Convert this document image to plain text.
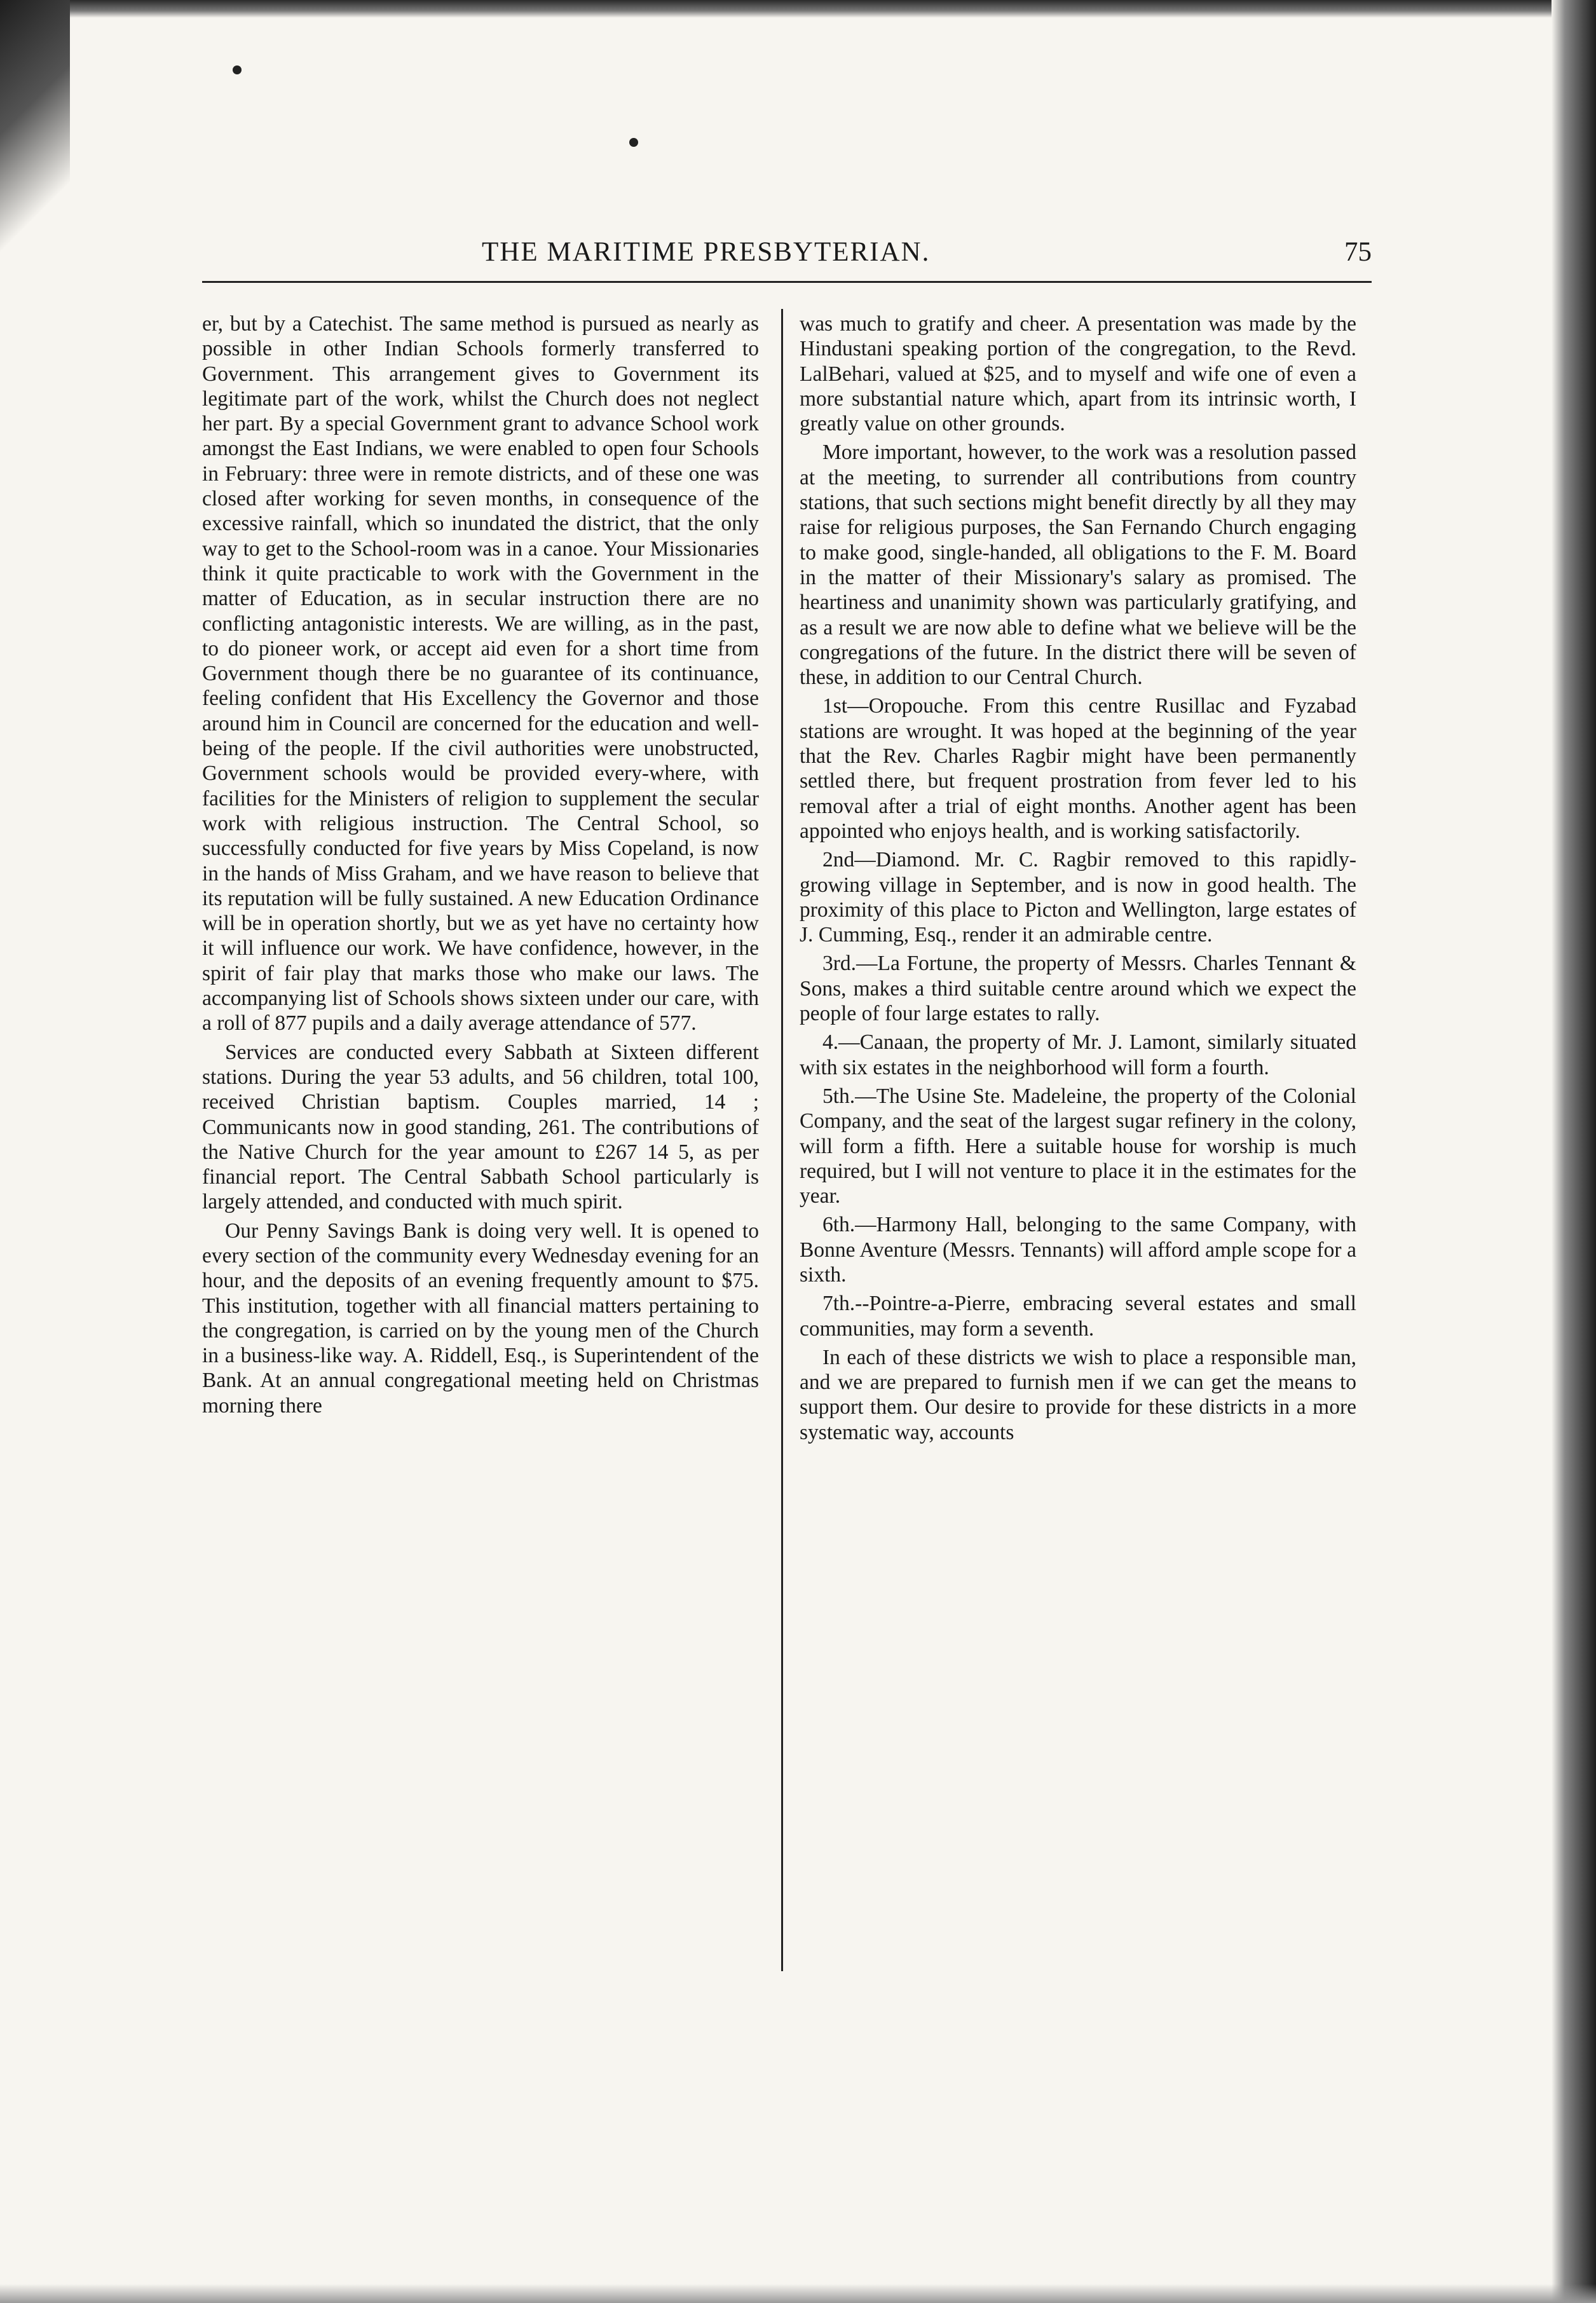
THE MARITIME PRESBYTERIAN.	75

er, but by a Catechist. The same method is pursued as nearly as possible in other Indian Schools formerly transferred to Government. This arrangement gives to Government its legitimate part of the work, whilst the Church does not neglect her part. By a special Government grant to advance School work amongst the East Indians, we were enabled to open four Schools in February: three were in remote districts, and of these one was closed after working for seven months, in consequence of the excessive rainfall, which so inundated the district, that the only way to get to the School-room was in a canoe. Your Missionaries think it quite practicable to work with the Government in the matter of Education, as in secular instruction there are no conflicting antagonistic interests. We are willing, as in the past, to do pioneer work, or accept aid even for a short time from Government though there be no guarantee of its continuance, feeling confident that His Excellency the Governor and those around him in Council are concerned for the education and well-being of the people. If the civil authorities were unobstructed, Government schools would be provided every-where, with facilities for the Ministers of religion to supplement the secular work with religious instruction. The Central School, so successfully conducted for five years by Miss Copeland, is now in the hands of Miss Graham, and we have reason to believe that its reputation will be fully sustained. A new Education Ordinance will be in operation shortly, but we as yet have no certainty how it will influence our work. We have confidence, however, in the spirit of fair play that marks those who make our laws. The accompanying list of Schools shows sixteen under our care, with a roll of 877 pupils and a daily average attendance of 577.

Services are conducted every Sabbath at Sixteen different stations. During the year 53 adults, and 56 children, total 100, received Christian baptism. Couples married, 14 ; Communicants now in good standing, 261. The contributions of the Native Church for the year amount to £267 14 5, as per financial report. The Central Sabbath School particularly is largely attended, and conducted with much spirit.

Our Penny Savings Bank is doing very well. It is opened to every section of the community every Wednesday evening for an hour, and the deposits of an evening frequently amount to $75. This institution, together with all financial matters pertaining to the congregation, is carried on by the young men of the Church in a business-like way. A. Riddell, Esq., is Superintendent of the Bank. At an annual congregational meeting held on Christmas morning there

was much to gratify and cheer. A presentation was made by the Hindustani speaking portion of the congregation, to the Revd. LalBehari, valued at $25, and to myself and wife one of even a more substantial nature which, apart from its intrinsic worth, I greatly value on other grounds.

More important, however, to the work was a resolution passed at the meeting, to surrender all contributions from country stations, that such sections might benefit directly by all they may raise for religious purposes, the San Fernando Church engaging to make good, single-handed, all obligations to the F. M. Board in the matter of their Missionary's salary as promised. The heartiness and unanimity shown was particularly gratifying, and as a result we are now able to define what we believe will be the congregations of the future. In the district there will be seven of these, in addition to our Central Church.

1st—Oropouche. From this centre Rusillac and Fyzabad stations are wrought. It was hoped at the beginning of the year that the Rev. Charles Ragbir might have been permanently settled there, but frequent prostration from fever led to his removal after a trial of eight months. Another agent has been appointed who enjoys health, and is working satisfactorily.

2nd—Diamond. Mr. C. Ragbir removed to this rapidly-growing village in September, and is now in good health. The proximity of this place to Picton and Wellington, large estates of J. Cumming, Esq., render it an admirable centre.

3rd.—La Fortune, the property of Messrs. Charles Tennant & Sons, makes a third suitable centre around which we expect the people of four large estates to rally.

4.—Canaan, the property of Mr. J. Lamont, similarly situated with six estates in the neighborhood will form a fourth.

5th.—The Usine Ste. Madeleine, the property of the Colonial Company, and the seat of the largest sugar refinery in the colony, will form a fifth. Here a suitable house for worship is much required, but I will not venture to place it in the estimates for the year.

6th.—Harmony Hall, belonging to the same Company, with Bonne Aventure (Messrs. Tennants) will afford ample scope for a sixth.

7th.--Pointre-a-Pierre, embracing several estates and small communities, may form a seventh.

In each of these districts we wish to place a responsible man, and we are prepared to furnish men if we can get the means to support them. Our desire to provide for these districts in a more systematic way, accounts
